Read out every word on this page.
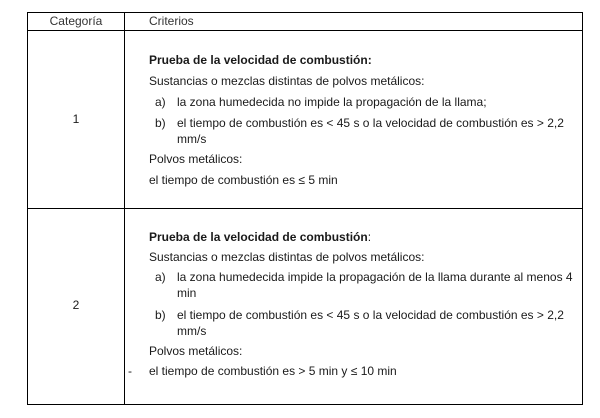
Categoría	Criterios
1
Prueba de la velocidad de combustión:
Sustancias o mezclas distintas de polvos metálicos:
a) la zona humedecida no impide la propagación de la llama;
b) el tiempo de combustión es < 45 s o la velocidad de combustión es > 2,2
mm/s
Polvos metálicos:
el tiempo de combustión es ≤ 5 min
2
Prueba de la velocidad de combustión:
Sustancias o mezclas distintas de polvos metálicos:
a) la zona humedecida impide la propagación de la llama durante al menos 4
min
b) el tiempo de combustión es < 45 s o la velocidad de combustión es > 2,2
mm/s
Polvos metálicos:
- el tiempo de combustión es > 5 min y ≤ 10 min
